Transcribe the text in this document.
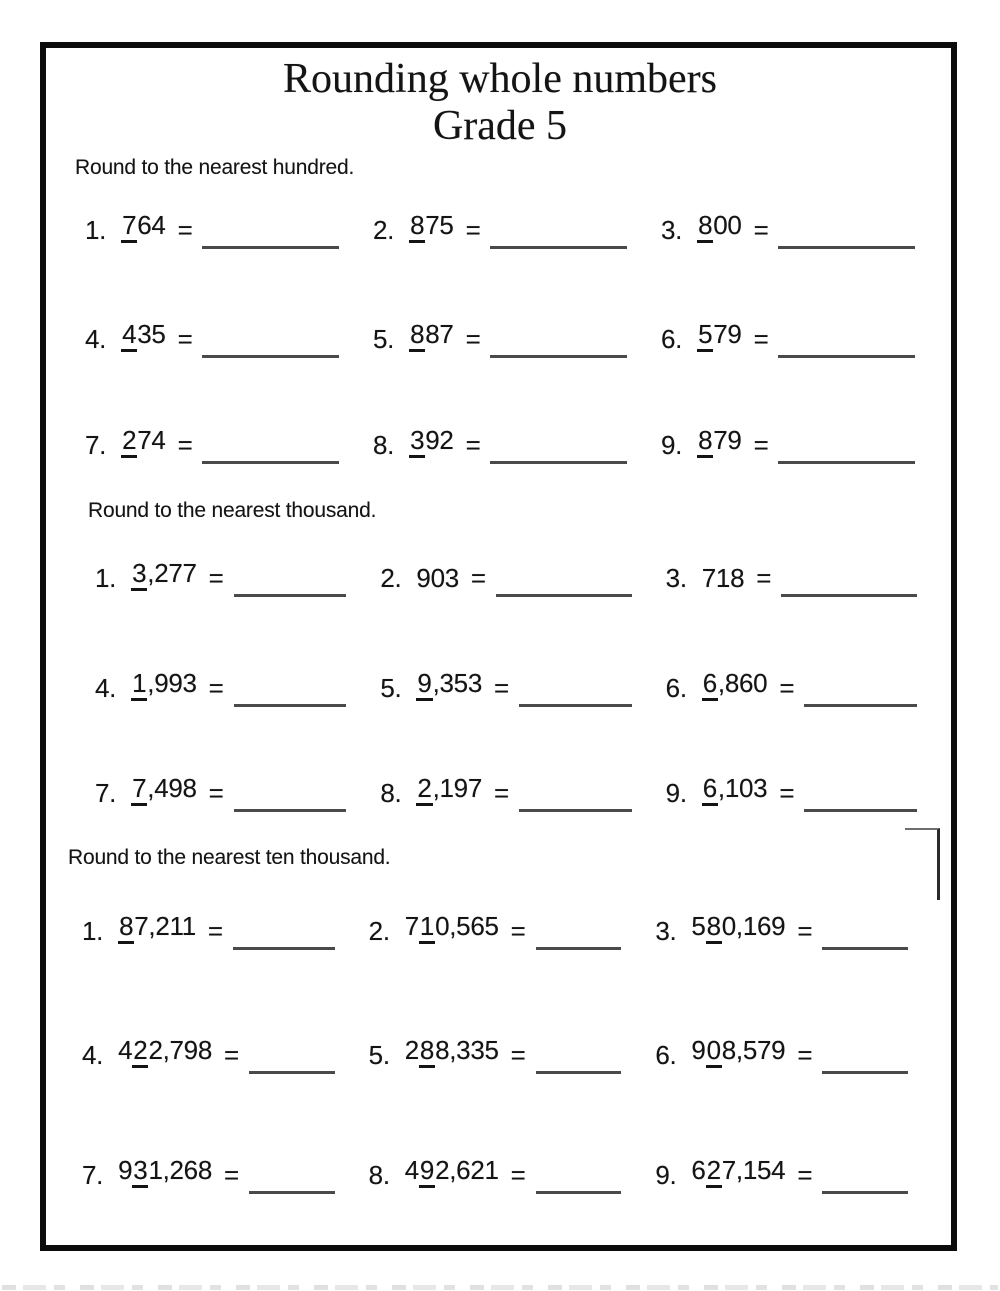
Rounding whole numbers
Grade 5
Round to the nearest hundred.
Round to the nearest thousand.
Round to the nearest ten thousand.
1. 764 =	2. 875 =	3. 800 =
4. 435 =	5. 887 =	6. 579 =
7. 274 =	8. 392 =	9. 879 =
1. 3,277 =	2. 903 =	3. 718 =
4. 1,993 =	5. 9,353 =	6. 6,860 =
7. 7,498 =	8. 2,197 =	9. 6,103 =
1. 87,211 =	2. 710,565 =	3. 580,169 =
4. 422,798 =	5. 288,335 =	6. 908,579 =
7. 931,268 =	8. 492,621 =	9. 627,154 =
